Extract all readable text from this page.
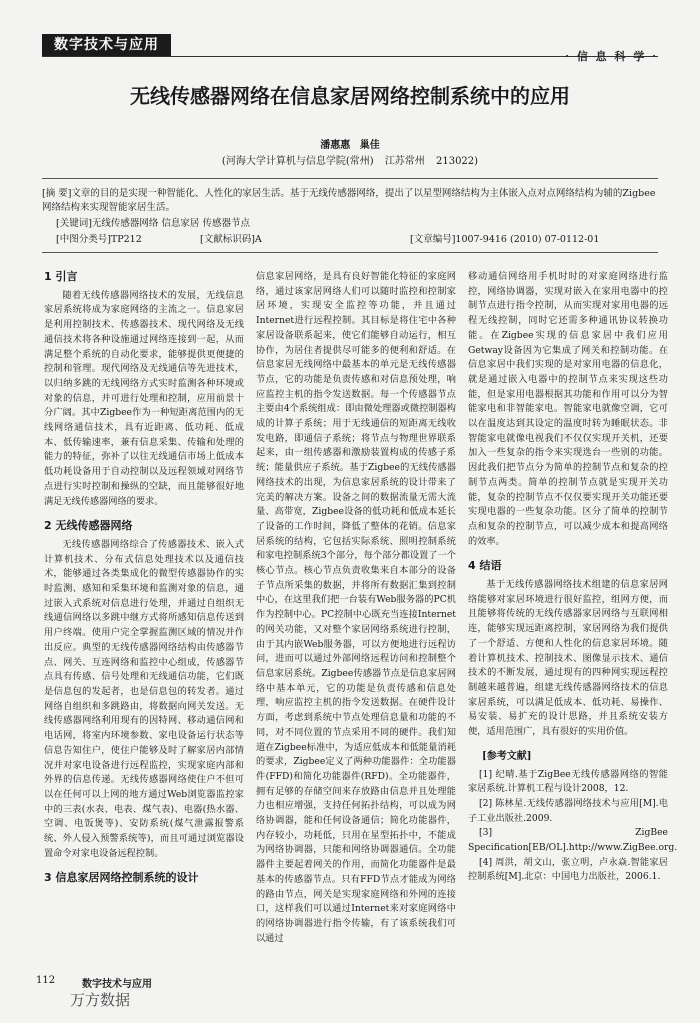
数字技术与应用
· 信 息 科 学 ·
无线传感器网络在信息家居网络控制系统中的应用
潘惠惠 巢佳
(河海大学计算机与信息学院(常州) 江苏常州 213022)
[摘 要]文章的目的是实现一种智能化、人性化的家居生活。基于无线传感器网络，提出了以星型网络结构为主体嵌入点对点网络结构为辅的Zigbee网络结构来实现智能家居生活。
[关键词]无线传感器网络 信息家居 传感器节点
[中图分类号]TP212	[文献标识码]A	[文章编号]1007-9416 (2010) 07-0112-01
1 引言

随着无线传感器网络技术的发展，无线信息家居系统将成为家庭网络的主流之一。信息家居是利用控制技术、传感器技术、现代网络及无线通信技术将各种设施通过网络连接到一起，从而满足整个系统的自动化要求，能够提供更便捷的控制和管理。现代网络及无线通信等先进技术，以归纳多跳的无线网络方式实时监测各种环境或对象的信息，并可进行处理和控制，应用前景十分广阔。其中Zigbee作为一种短距离范围内的无线网络通信技术，具有近距离、低功耗、低成本、低传输速率，兼有信息采集、传输和处理的能力的特征，弥补了以往无线通信市场上低成本低功耗设备用于自动控制以及远程领域对网络节点进行实时控制和操纵的空缺，而且能够很好地满足无线传感器网络的要求。

2 无线传感器网络

无线传感器网络综合了传感器技术、嵌入式计算机技术、分布式信息处理技术以及通信技术，能够通过各类集成化的微型传感器协作的实时监测、感知和采集环境和监测对象的信息，通过嵌入式系统对信息进行处理，并通过自组织无线通信网络以多跳中继方式将所感知信息传送到用户终端。使用户完全掌握监测区域的情况并作出反应。典型的无线传感器网络结构由传感器节点、网关、互连网络和监控中心组成，传感器节点具有传感、信号处理和无线通信功能，它们既是信息包的发起者，也是信息包的转发者。通过网络自组织和多跳路由，将数据向网关发送。无线传感器网络利用现有的因特网、移动通信网和电话网，将室内环境参数、家电设备运行状态等信息告知住户，使住户能够及时了解家居内部情况并对家电设备进行远程监控，实现家庭内部和外界的信息传递。无线传感器网络使住户不但可以在任何可以上网的地方通过Web浏览器监控家中的三表(水表、电表、煤气表)、电器(热水器、空调、电饭煲等)、安防系统(煤气泄露报警系统、外人侵入预警系统等)，而且可通过浏览器设置命令对家电设备远程控制。

3 信息家居网络控制系统的设计

信息家居网络，是具有良好智能化特征的家庭网络，通过该家居网络人们可以随时监控和控制家居环境，实现安全监控等功能，并且通过Internet进行远程控制。其目标是将住宅中各种家居设备联系起来，使它们能够自动运行，相互协作，为居住者提供尽可能多的便利和舒适。在信息家居无线网络中最基本的单元是无线传感器节点，它的功能是负责传感和对信息预处理，响应监控主机的指令发送数据。每一个传感器节点主要由4个系统组成：即由微处理器或微控制器构成的计算子系统；用于无线通信的短距离无线收发电路，即通信子系统；将节点与物理世界联系起来，由一组传感器和激励装置构成的传感子系统；能量供应子系统。基于Zigbee的无线传感器网络技术的出现，为信息家居系统的设计带来了完美的解决方案。设备之间的数据流量无需大流量、高带宽，Zigbee设备的低功耗和低成本延长了设备的工作时间，降低了整体的花销。信息家居系统的结构，它包括实际系统、照明控制系统和家电控制系统3个部分，每个部分都设置了一个核心节点。核心节点负责收集来自本部分的设备子节点所采集的数据，并将所有数据汇集到控制中心，在这里我们把一台装有Web服务器的PC机作为控制中心。PC控制中心既充当连接Internet的网关功能，又对整个家居网络系统进行控制，由于其内嵌Web服务器，可以方便地进行远程访问，进而可以通过外部网络远程访问和控制整个信息家居系统。Zigbee传感器节点是信息家居网络中基本单元，它的功能是负责传感和信息处理，响应监控主机的指令发送数据。在硬件设计方面，考虑到系统中节点处理信息量和功能的不同，对不同位置的节点采用不同的硬件。我们知道在Zigbee标准中，为适应低成本和低能量消耗的要求，Zigbee定义了两种功能器件：全功能器件(FFD)和简化功能器件(RFD)。全功能器件，拥有足够的存储空间来存放路由信息并且处理能力也相应增强，支持任何拓扑结构，可以成为网络协调器，能和任何设备通信；简化功能器件，内存较小，功耗低，只用在星型拓扑中，不能成为网络协调器，只能和网络协调器通信。全功能器件主要起着网关的作用，而简化功能器件是最基本的传感器节点。只有FFD节点才能成为网络的路由节点，网关是实现家庭网络和外网的连接口，这样我们可以通过Internet来对家庭网络中的网络协调器进行指令传输，有了该系统我们可以通过

移动通信网络用手机时时的对家庭网络进行监控，网络协调器，实现对嵌入在家用电器中的控制节点进行指令控制，从而实现对家用电器的远程无线控制，同时它还需多种通讯协议转换功能。在Zigbee实现的信息家居中我们应用Getway设备因为它集成了网关和控制功能。在信息家居中我们实现的是对家用电器的信息化，就是通过嵌入电器中的控制节点来实现这些功能，但是家用电器根据其功能和作用可以分为智能家电和非智能家电。智能家电就像空调，它可以在温度达到其设定的温度时转为睡眠状态。非智能家电就像电视我们不仅仅实现开关机，还要加入一些复杂的指令来实现选台一些别的功能。因此我们把节点分为简单的控制节点和复杂的控制节点两类。简单的控制节点就是实现开关功能，复杂的控制节点不仅仅要实现开关功能还要实现电器的一些复杂功能。区分了简单的控制节点和复杂的控制节点，可以减少成本和提高网络的效率。

4 结语

基于无线传感器网络技术组建的信息家居网络能够对家居环境进行很好监控，组网方便，而且能够将传统的无线传感器家居网络与互联网相连，能够实现远距离控制，家居网络为我们提供了一个舒适、方便和人性化的信息家居环境。随着计算机技术、控制技术、图像显示技术、通信技术的不断发展，通过现有的四种网实现远程控制越来越普遍，组建无线传感器网络技术的信息家居系统，可以满足低成本、低功耗、易操作、易安装、易扩充的设计思路，并且系统安装方便，适用范围广，具有很好的实用价值。

[参考文献]

[1] 纪晴.基于ZigBee无线传感器网络的智能家居系统.计算机工程与设计2008，12.

[2] 陈林星.无线传感器网络技术与应用[M].电子工业出版社.2009.

[3] ZigBee Specification[EB/OL].http://www.ZigBee.org.

[4] 周洪，胡文山，张立明，卢永焱.智能家居控制系统[M].北京：中国电力出版社，2006.1.

112	数字技术与应用
万方数据
